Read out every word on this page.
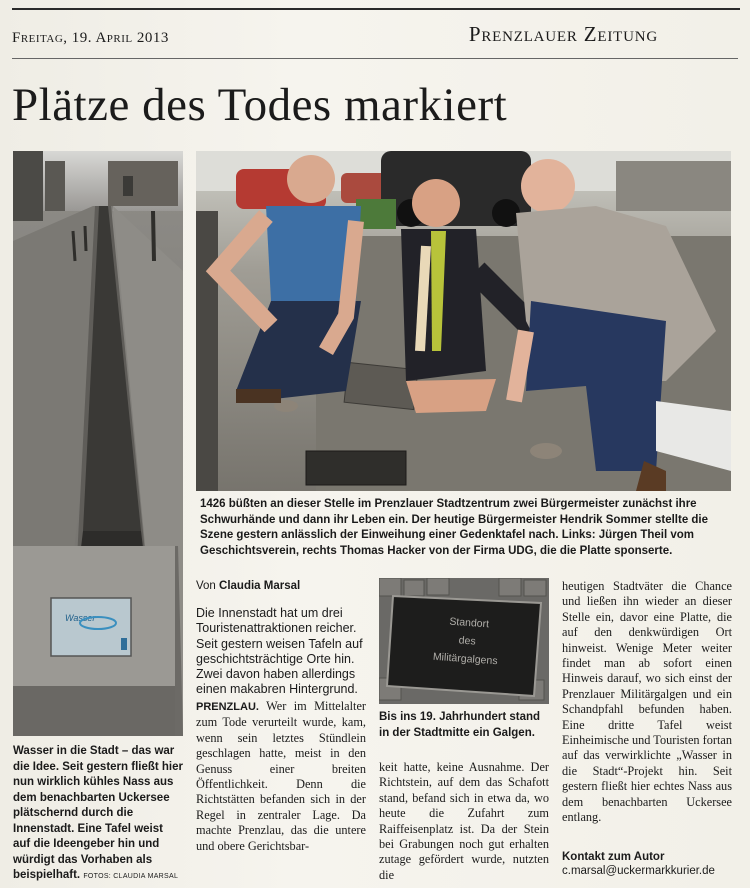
Freitag, 19. April 2013	Prenzlauer Zeitung
Plätze des Todes markiert
Wasser
1426 büßten an dieser Stelle im Prenzlauer Stadtzentrum zwei Bürgermeister zunächst ihre Schwurhände und dann ihr Leben ein. Der heutige Bürgermeister Hendrik Sommer stellte die Szene gestern anlässlich der Einweihung einer Gedenktafel nach. Links: Jürgen Theil vom Geschichtsverein, rechts Thomas Hacker von der Firma UDG, die die Platte sponserte.
Wasser in die Stadt – das war die Idee. Seit gestern fließt hier nun wirklich kühles Nass aus dem benachbarten Uckersee plätschernd durch die Innenstadt. Eine Tafel weist auf die Ideengeber hin und würdigt das Vorhaben als beispielhaft. FOTOS: CLAUDIA MARSAL
Standort
des
Militärgalgens
Bis ins 19. Jahrhundert stand in der Stadtmitte ein Galgen.
Von Claudia Marsal
Die Innenstadt hat um drei Touristenattraktionen reicher. Seit gestern weisen Tafeln auf geschichtsträchtige Orte hin. Zwei davon haben allerdings einen makabren Hintergrund.
PRENZLAU. Wer im Mittelalter zum Tode verurteilt wurde, kam, wenn sein letztes Stündlein geschlagen hatte, meist in den Genuss einer breiten Öffentlichkeit. Denn die Richtstätten befanden sich in der Regel in zentraler Lage. Da machte Prenzlau, das die untere und obere Gerichtsbar-
keit hatte, keine Ausnahme. Der Richtstein, auf dem das Schafott stand, befand sich in etwa da, wo heute die Zufahrt zum Raiffeisenplatz ist. Da der Stein bei Grabungen noch gut erhalten zutage gefördert wurde, nutzten die
heutigen Stadtväter die Chance und ließen ihn wieder an dieser Stelle ein, davor eine Platte, die auf den denkwürdigen Ort hinweist. Wenige Meter weiter findet man ab sofort einen Hinweis darauf, wo sich einst der Prenzlauer Militärgalgen und ein Schandpfahl befunden haben. Eine dritte Tafel weist Einheimische und Touristen fortan auf das verwirklichte „Wasser in die Stadt“-Projekt hin. Seit gestern fließt hier echtes Nass aus dem benachbarten Uckersee entlang.
Kontakt zum Autor
c.marsal@uckermarkkurier.de
